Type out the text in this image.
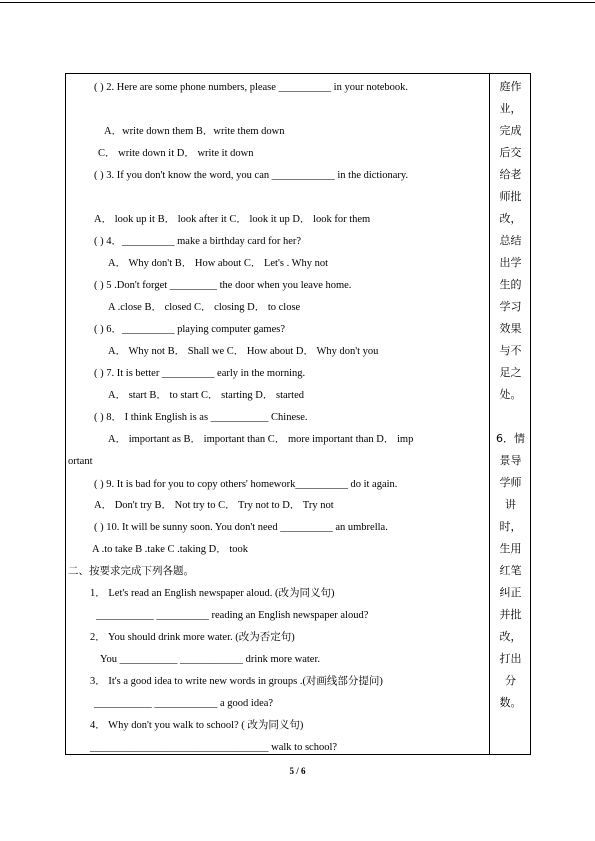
( ) 2. Here are some phone numbers, please __________ in your notebook.
A．write down them B．write them down
C． write down it D． write it down
( ) 3. If you don't know the word, you can ____________ in the dictionary.
A． look up it B． look after it C． look it up D． look for them
( ) 4．__________ make a birthday card for her?
A． Why don't B． How about C． Let's . Why not
( ) 5 .Don't forget _________ the door when you leave home.
A .close B． closed C． closing D． to close
( ) 6．__________ playing computer games?
A． Why not B． Shall we C． How about D． Why don't you
( ) 7. It is better __________ early in the morning.
A． start B． to start C． starting D． started
( ) 8． I think English is as ___________ Chinese.
A． important as B． important than C． more important than D． imp
ortant
( ) 9. It is bad for you to copy others' homework__________ do it again.
A． Don't try B． Not try to C． Try not to D． Try not
( ) 10. It will be sunny soon. You don't need __________ an umbrella.
A .to take B .take C .taking D． took
二、按要求完成下列各题。
1． Let's read an English newspaper aloud. (改为同义句)
___________ __________ reading an English newspaper aloud?
2． You should drink more water. (改为否定句)
You ___________ ____________ drink more water.
3． It's a good idea to write new words in groups .(对画线部分提问)
___________ ____________ a good idea?
4． Why don't you walk to school? ( 改为同义句)
__________________________________ walk to school?
庭作
业，
完成
后交
给老
师批
改，
总结
出学
生的
学习
效果
与不
足之
处。
6．情
景导
学师
讲
时，
生用
红笔
纠正
并批
改，
打出
分
数。
5 / 6
